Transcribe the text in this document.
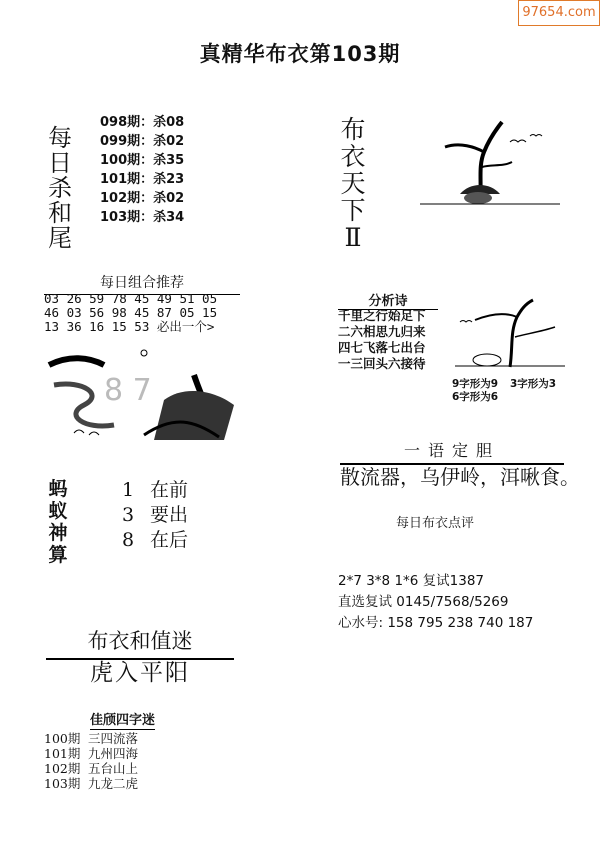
97654.com
真精华布衣第103期
每日杀和尾
098期：杀08
099期：杀02
100期：杀35
101期：杀23
102期：杀02
103期：杀34
布衣天下Ⅱ
每日组合推荐
03 26 59 78 45 49 51 05
46 03 56 98 45 87 05 15
13 36 16 15 53 必出一个>
8 7
分析诗
千里之行始足下
二六相思九归来
四七飞落七出台
一三回头六接待
9字形为9 3字形为3
6字形为6
蚂蚁神算
1 在前
3 要出
8 在后
一语定胆
散流器，乌伊岭，洱啾食。
每日布衣点评
2*7 3*8 1*6 复试1387
直选复试 0145/7568/5269
心水号: 158 795 238 740 187
布衣和值迷
虎入平阳
佳颀四字迷
100期 三四流落
101期 九州四海
102期 五台山上
103期 九龙二虎
